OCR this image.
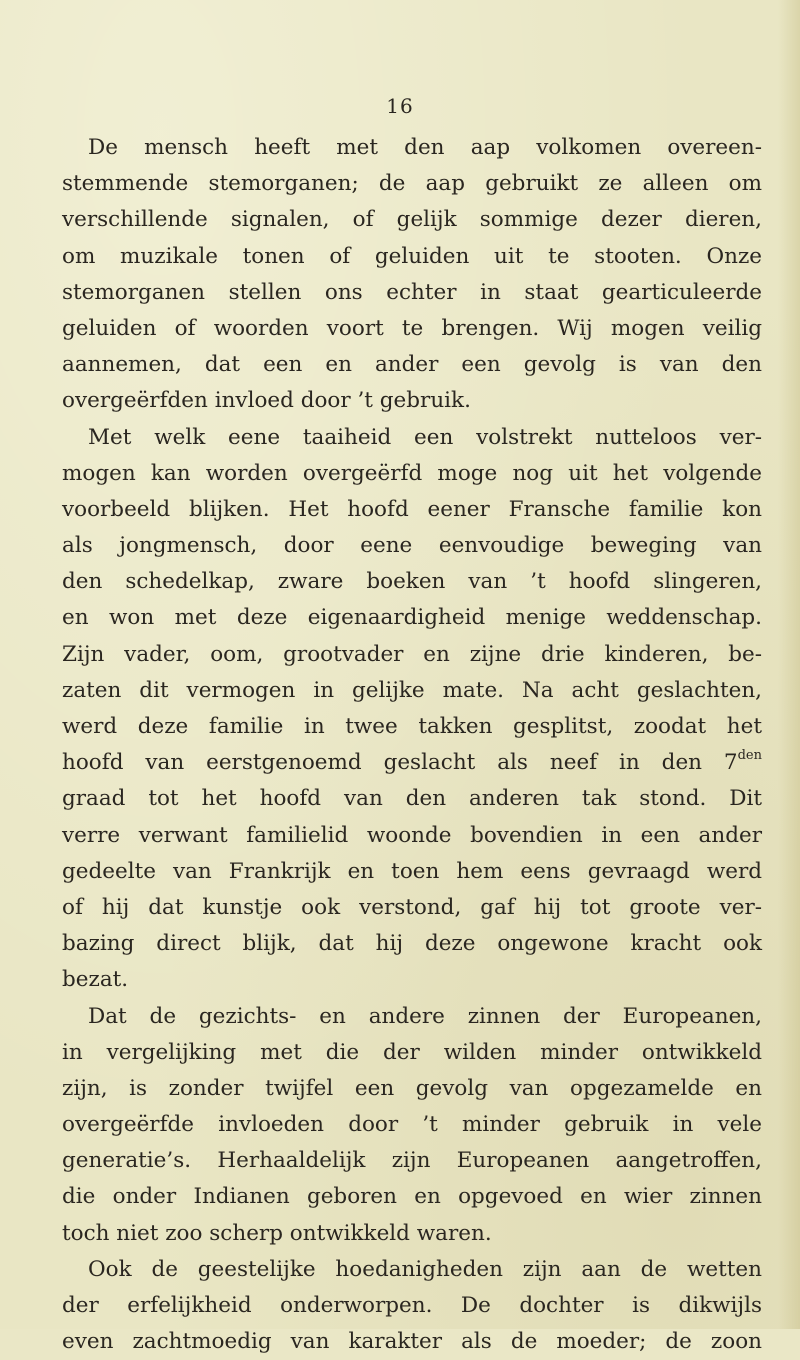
16
De mensch heeft met den aap volkomen overeen-
stemmende stemorganen; de aap gebruikt ze alleen om
verschillende signalen, of gelijk sommige dezer dieren,
om muzikale tonen of geluiden uit te stooten. Onze
stemorganen stellen ons echter in staat gearticuleerde
geluiden of woorden voort te brengen. Wij mogen veilig
aannemen, dat een en ander een gevolg is van den
overgeërfden invloed door ’t gebruik.
Met welk eene taaiheid een volstrekt nutteloos ver-
mogen kan worden overgeërfd moge nog uit het volgende
voorbeeld blijken. Het hoofd eener Fransche familie kon
als jongmensch, door eene eenvoudige beweging van
den schedelkap, zware boeken van ’t hoofd slingeren,
en won met deze eigenaardigheid menige weddenschap.
Zijn vader, oom, grootvader en zijne drie kinderen, be-
zaten dit vermogen in gelijke mate. Na acht geslachten,
werd deze familie in twee takken gesplitst, zoodat het
hoofd van eerstgenoemd geslacht als neef in den $7^{den}$
graad tot het hoofd van den anderen tak stond. Dit
verre verwant familielid woonde bovendien in een ander
gedeelte van Frankrijk en toen hem eens gevraagd werd
of hij dat kunstje ook verstond, gaf hij tot groote ver-
bazing direct blijk, dat hij deze ongewone kracht ook
bezat.
Dat de gezichts- en andere zinnen der Europeanen,
in vergelijking met die der wilden minder ontwikkeld
zijn, is zonder twijfel een gevolg van opgezamelde en
overgeërfde invloeden door ’t minder gebruik in vele
generatie’s. Herhaaldelijk zijn Europeanen aangetroffen,
die onder Indianen geboren en opgevoed en wier zinnen
toch niet zoo scherp ontwikkeld waren.
Ook de geestelijke hoedanigheden zijn aan de wetten
der erfelijkheid onderworpen. De dochter is dikwijls
even zachtmoedig van karakter als de moeder; de zoon
